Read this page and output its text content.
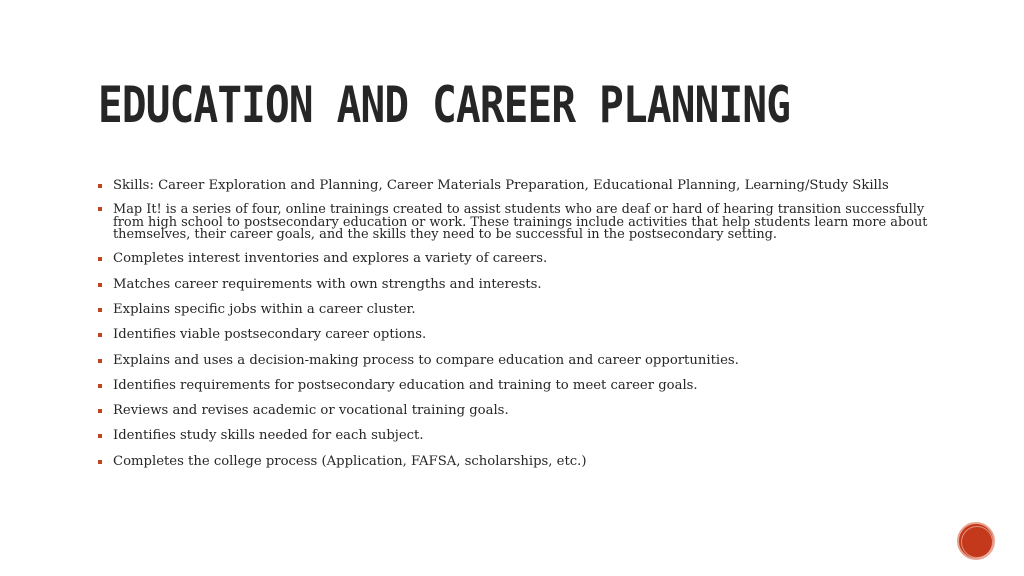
EDUCATION AND CAREER PLANNING
Skills: Career Exploration and Planning, Career Materials Preparation, Educational Planning, Learning/Study Skills
Map It! is a series of four, online trainings created to assist students who are deaf or hard of hearing transition successfully from high school to postsecondary education or work. These trainings include activities that help students learn more about themselves, their career goals, and the skills they need to be successful in the postsecondary setting.
Completes interest inventories and explores a variety of careers.
Matches career requirements with own strengths and interests.
Explains specific jobs within a career cluster.
Identifies viable postsecondary career options.
Explains and uses a decision-making process to compare education and career opportunities.
Identifies requirements for postsecondary education and training to meet career goals.
Reviews and revises academic or vocational training goals.
Identifies study skills needed for each subject.
Completes the college process (Application, FAFSA, scholarships, etc.)
